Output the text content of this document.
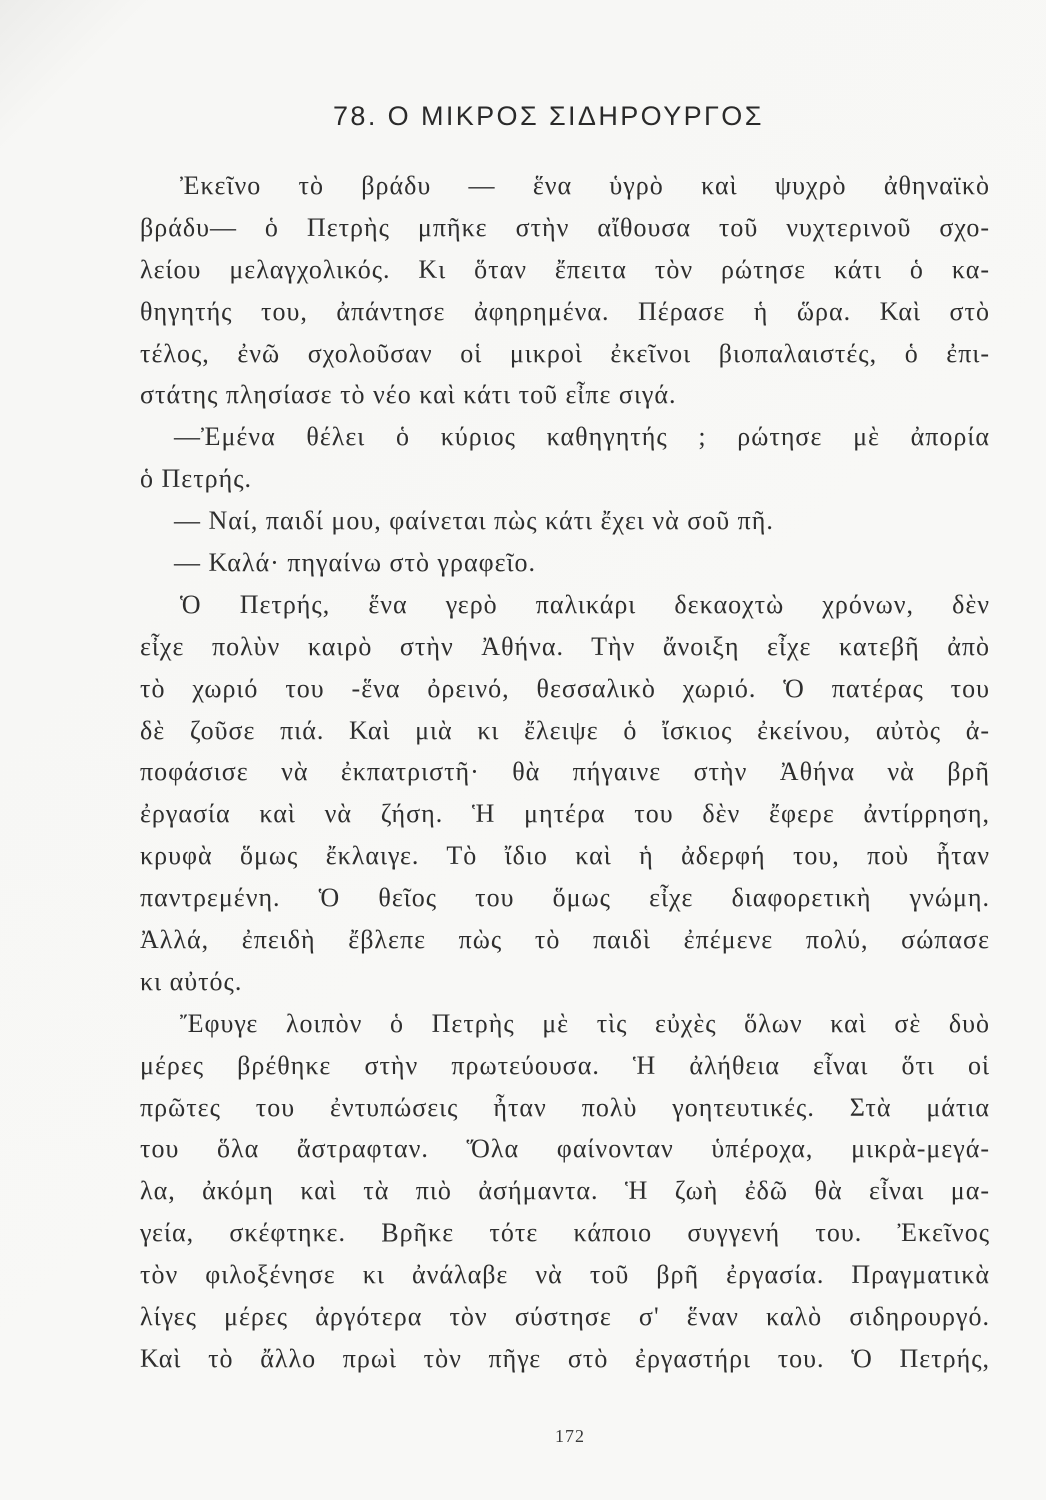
78. Ο ΜΙΚΡΟΣ ΣΙΔΗΡΟΥΡΓΟΣ
Ἐκεῖνο τὸ βράδυ — ἕνα ὑγρὸ καὶ ψυχρὸ ἀθηναϊκὸ
βράδυ— ὁ Πετρὴς μπῆκε στὴν αἴθουσα τοῦ νυχτερινοῦ σχο-
λείου μελαγχολικός. Κι ὅταν ἔπειτα τὸν ρώτησε κάτι ὁ κα-
θηγητής του, ἀπάντησε ἀφηρημένα. Πέρασε ἡ ὥρα. Καὶ στὸ
τέλος, ἐνῶ σχολοῦσαν οἱ μικροὶ ἐκεῖνοι βιοπαλαιστές, ὁ ἐπι-
στάτης πλησίασε τὸ νέο καὶ κάτι τοῦ εἶπε σιγά.
—Ἐμένα θέλει ὁ κύριος καθηγητής ; ρώτησε μὲ ἀπορία
ὁ Πετρής.
— Ναί, παιδί μου, φαίνεται πὼς κάτι ἔχει νὰ σοῦ πῆ.
— Καλά· πηγαίνω στὸ γραφεῖο.
Ὁ Πετρής, ἕνα γερὸ παλικάρι δεκαοχτὼ χρόνων, δὲν
εἶχε πολὺν καιρὸ στὴν Ἀθήνα. Τὴν ἄνοιξη εἶχε κατεβῆ ἀπὸ
τὸ χωριό του -ἕνα ὀρεινό, θεσσαλικὸ χωριό. Ὁ πατέρας του
δὲ ζοῦσε πιά. Καὶ μιὰ κι ἔλειψε ὁ ἴσκιος ἐκείνου, αὐτὸς ἀ-
ποφάσισε νὰ ἐκπατριστῆ· θὰ πήγαινε στὴν Ἀθήνα νὰ βρῆ
ἐργασία καὶ νὰ ζήση. Ἡ μητέρα του δὲν ἔφερε ἀντίρρηση,
κρυφὰ ὅμως ἔκλαιγε. Τὸ ἴδιο καὶ ἡ ἀδερφή του, ποὺ ἦταν
παντρεμένη. Ὁ θεῖος του ὅμως εἶχε διαφορετικὴ γνώμη.
Ἀλλά, ἐπειδὴ ἔβλεπε πὼς τὸ παιδὶ ἐπέμενε πολύ, σώπασε
κι αὐτός.
Ἔφυγε λοιπὸν ὁ Πετρὴς μὲ τὶς εὐχὲς ὅλων καὶ σὲ δυὸ
μέρες βρέθηκε στὴν πρωτεύουσα. Ἡ ἀλήθεια εἶναι ὅτι οἱ
πρῶτες του ἐντυπώσεις ἦταν πολὺ γοητευτικές. Στὰ μάτια
του ὅλα ἄστραφταν. Ὅλα φαίνονταν ὑπέροχα, μικρὰ-μεγά-
λα, ἀκόμη καὶ τὰ πιὸ ἀσήμαντα. Ἡ ζωὴ ἐδῶ θὰ εἶναι μα-
γεία, σκέφτηκε. Βρῆκε τότε κάποιο συγγενή του. Ἐκεῖνος
τὸν φιλοξένησε κι ἀνάλαβε νὰ τοῦ βρῆ ἐργασία. Πραγματικὰ
λίγες μέρες ἀργότερα τὸν σύστησε σ' ἕναν καλὸ σιδηρουργό.
Καὶ τὸ ἄλλο πρωὶ τὸν πῆγε στὸ ἐργαστήρι του. Ὁ Πετρής,
172
